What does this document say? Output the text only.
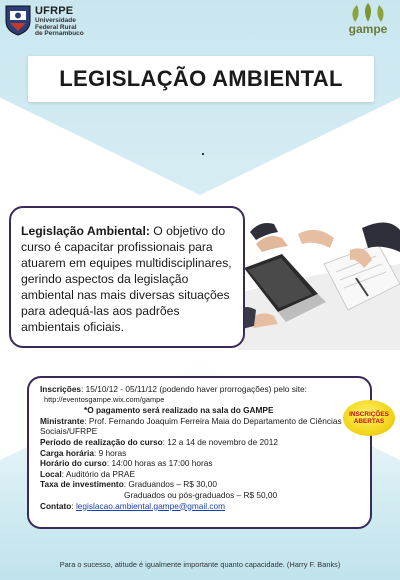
UFRPE
Universidade
Federal Rural
de Pernambuco	gampe
LEGISLAÇÃO AMBIENTAL

Legislação Ambiental: O objetivo do curso é capacitar profissionais para atuarem em equipes multidisciplinares, gerindo aspectos da legislação ambiental nas mais diversas situações para adequá-las aos padrões ambientais oficiais.

Inscrições: 15/10/12 - 05/11/12 (podendo haver prorrogações) pelo site:
http://eventosgampe.wix.com/gampe
*O pagamento será realizado na sala do GAMPE
Ministrante: Prof. Fernando Joaquim Ferreira Maia do Departamento de Ciências
Sociais/UFRPE
Período de realização do curso: 12 a 14 de novembro de 2012
Carga horária: 9 horas
Horário do curso: 14:00 horas as 17:00 horas
Local: Auditório da PRAE
Taxa de investimento: Graduandos – R$ 30,00
Graduados ou pós-graduados – R$ 50,00
Contato: legislacao.ambiental.gampe@gmail.com
INSCRIÇÕES
ABERTAS
Para o sucesso, atitude é igualmente importante quanto capacidade. (Harry F. Banks)
